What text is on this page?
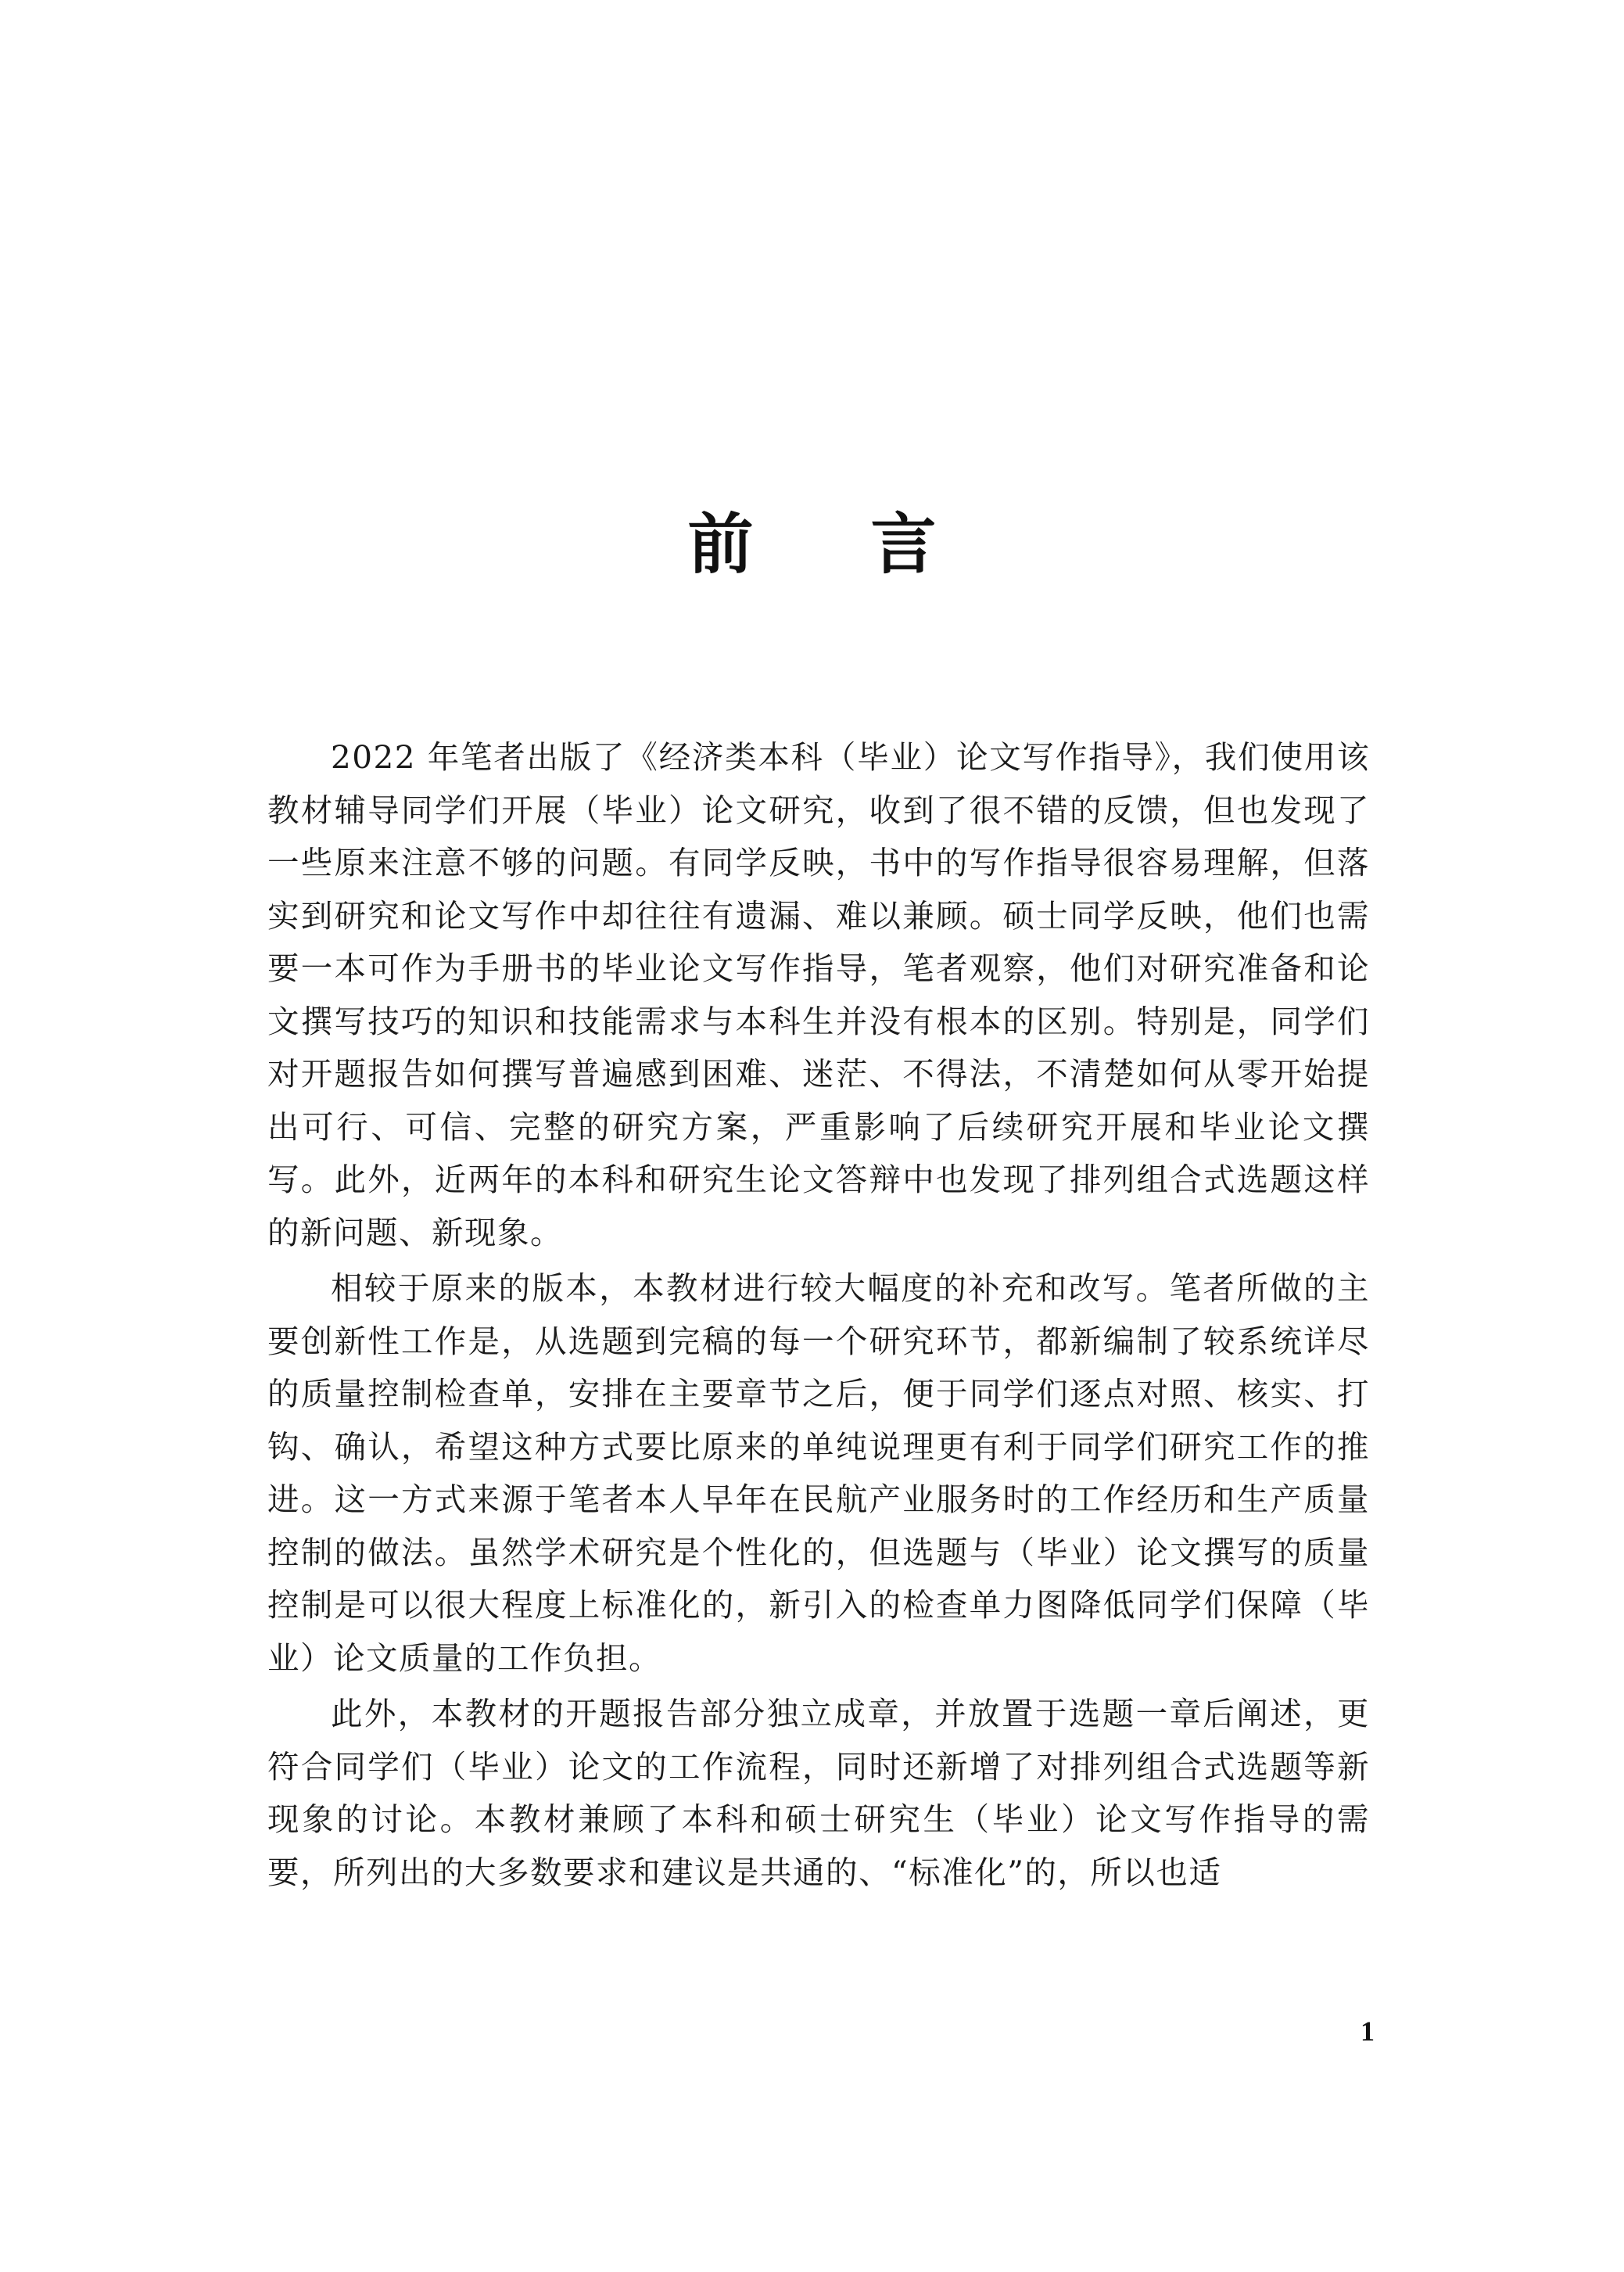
前言

2022 年笔者出版了《经济类本科（毕业）论文写作指导》，我们使用该教材辅导同学们开展（毕业）论文研究，收到了很不错的反馈，但也发现了一些原来注意不够的问题。有同学反映，书中的写作指导很容易理解，但落实到研究和论文写作中却往往有遗漏、难以兼顾。硕士同学反映，他们也需要一本可作为手册书的毕业论文写作指导，笔者观察，他们对研究准备和论文撰写技巧的知识和技能需求与本科生并没有根本的区别。特别是，同学们对开题报告如何撰写普遍感到困难、迷茫、不得法，不清楚如何从零开始提出可行、可信、完整的研究方案，严重影响了后续研究开展和毕业论文撰写。此外，近两年的本科和研究生论文答辩中也发现了排列组合式选题这样的新问题、新现象。

相较于原来的版本，本教材进行较大幅度的补充和改写。笔者所做的主要创新性工作是，从选题到完稿的每一个研究环节，都新编制了较系统详尽的质量控制检查单，安排在主要章节之后，便于同学们逐点对照、核实、打钩、确认，希望这种方式要比原来的单纯说理更有利于同学们研究工作的推进。这一方式来源于笔者本人早年在民航产业服务时的工作经历和生产质量控制的做法。虽然学术研究是个性化的，但选题与（毕业）论文撰写的质量控制是可以很大程度上标准化的，新引入的检查单力图降低同学们保障（毕业）论文质量的工作负担。

此外，本教材的开题报告部分独立成章，并放置于选题一章后阐述，更符合同学们（毕业）论文的工作流程，同时还新增了对排列组合式选题等新现象的讨论。本教材兼顾了本科和硕士研究生（毕业）论文写作指导的需要，所列出的大多数要求和建议是共通的、“标准化”的，所以也适

1
